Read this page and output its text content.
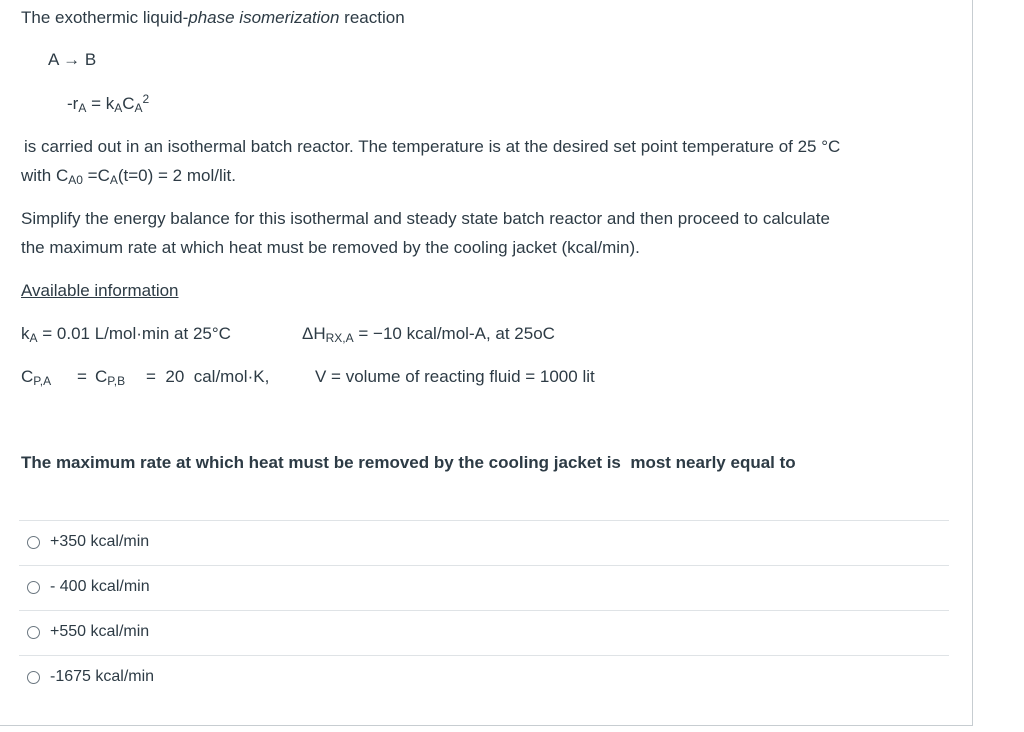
The exothermic liquid-phase isomerization reaction
A → B
$-r_A = k_AC_A^2$
is carried out in an isothermal batch reactor. The temperature is at the desired set point temperature of 25 °C
with $C_{A0} =C_A(t=0) = 2$ mol/lit.
Simplify the energy balance for this isothermal and steady state batch reactor and then proceed to calculate
the maximum rate at which heat must be removed by the cooling jacket (kcal/min).
Available information
$k_A = 0.01$ L/mol·min at 25°C	$\Delta H_{RX,A} = -10$ kcal/mol-A, at 25oC
$C_{P,A} = C_{P,B} = 20$  cal/mol·K,	V = volume of reacting fluid = 1000 lit
The maximum rate at which heat must be removed by the cooling jacket is  most nearly equal to
+350 kcal/min
- 400 kcal/min
+550 kcal/min
-1675 kcal/min
